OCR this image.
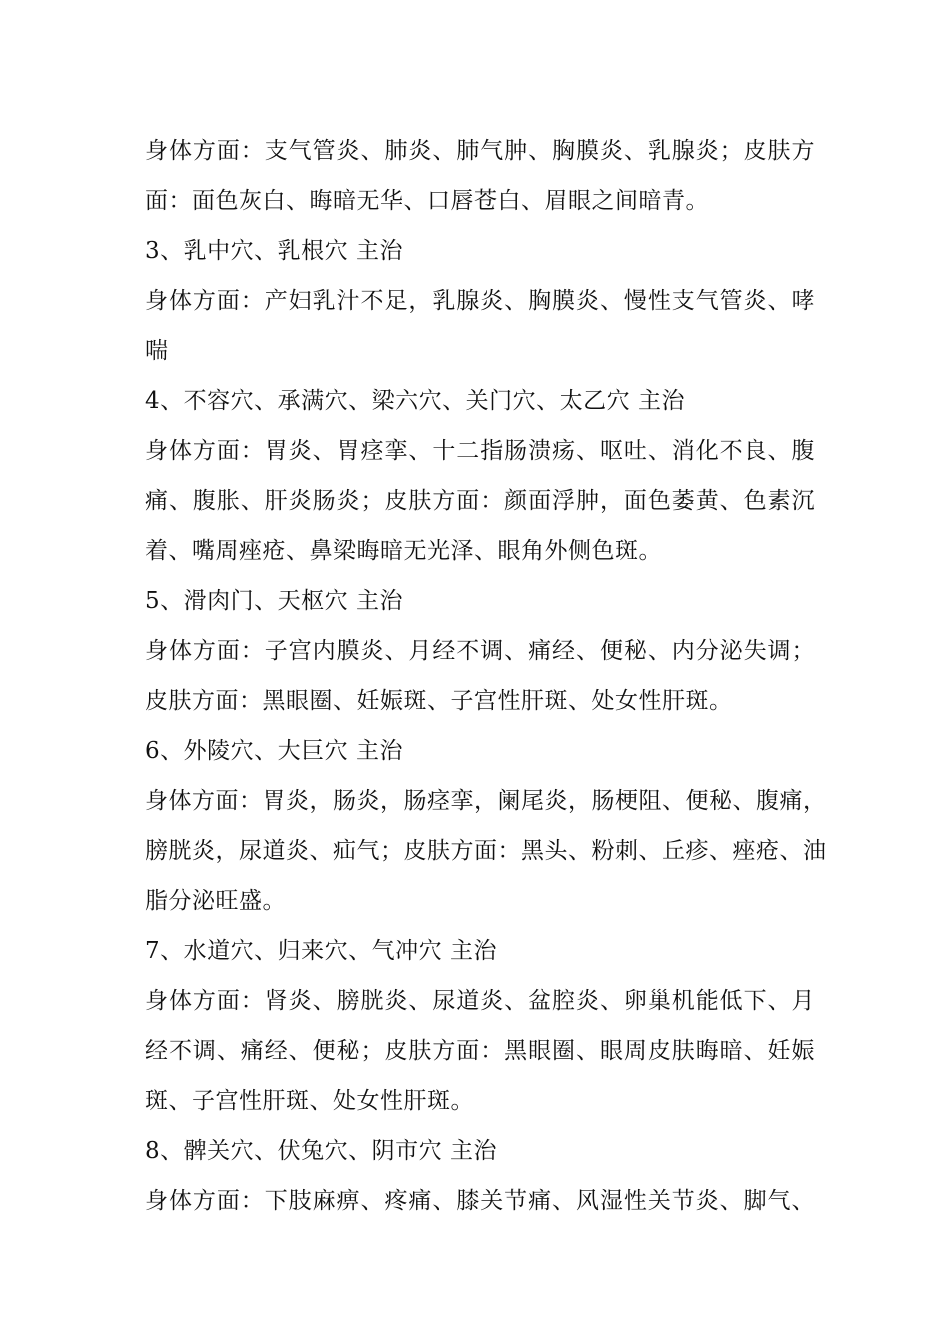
身体方面：支气管炎、肺炎、肺气肿、胸膜炎、乳腺炎；皮肤方
面：面色灰白、晦暗无华、口唇苍白、眉眼之间暗青。
3、乳中穴、乳根穴 主治
身体方面：产妇乳汁不足，乳腺炎、胸膜炎、慢性支气管炎、哮
喘
4、不容穴、承满穴、梁六穴、关门穴、太乙穴 主治
身体方面：胃炎、胃痉挛、十二指肠溃疡、呕吐、消化不良、腹
痛、腹胀、肝炎肠炎；皮肤方面：颜面浮肿，面色萎黄、色素沉
着、嘴周痤疮、鼻梁晦暗无光泽、眼角外侧色斑。
5、滑肉门、天枢穴 主治
身体方面：子宫内膜炎、月经不调、痛经、便秘、内分泌失调；
皮肤方面：黑眼圈、妊娠斑、子宫性肝斑、处女性肝斑。
6、外陵穴、大巨穴 主治
身体方面：胃炎，肠炎，肠痉挛，阑尾炎，肠梗阻、便秘、腹痛，
膀胱炎，尿道炎、疝气；皮肤方面：黑头、粉刺、丘疹、痤疮、油
脂分泌旺盛。
7、水道穴、归来穴、气冲穴 主治
身体方面：肾炎、膀胱炎、尿道炎、盆腔炎、卵巢机能低下、月
经不调、痛经、便秘；皮肤方面：黑眼圈、眼周皮肤晦暗、妊娠
斑、子宫性肝斑、处女性肝斑。
8、髀关穴、伏兔穴、阴市穴 主治
身体方面：下肢麻痹、疼痛、膝关节痛、风湿性关节炎、脚气、
